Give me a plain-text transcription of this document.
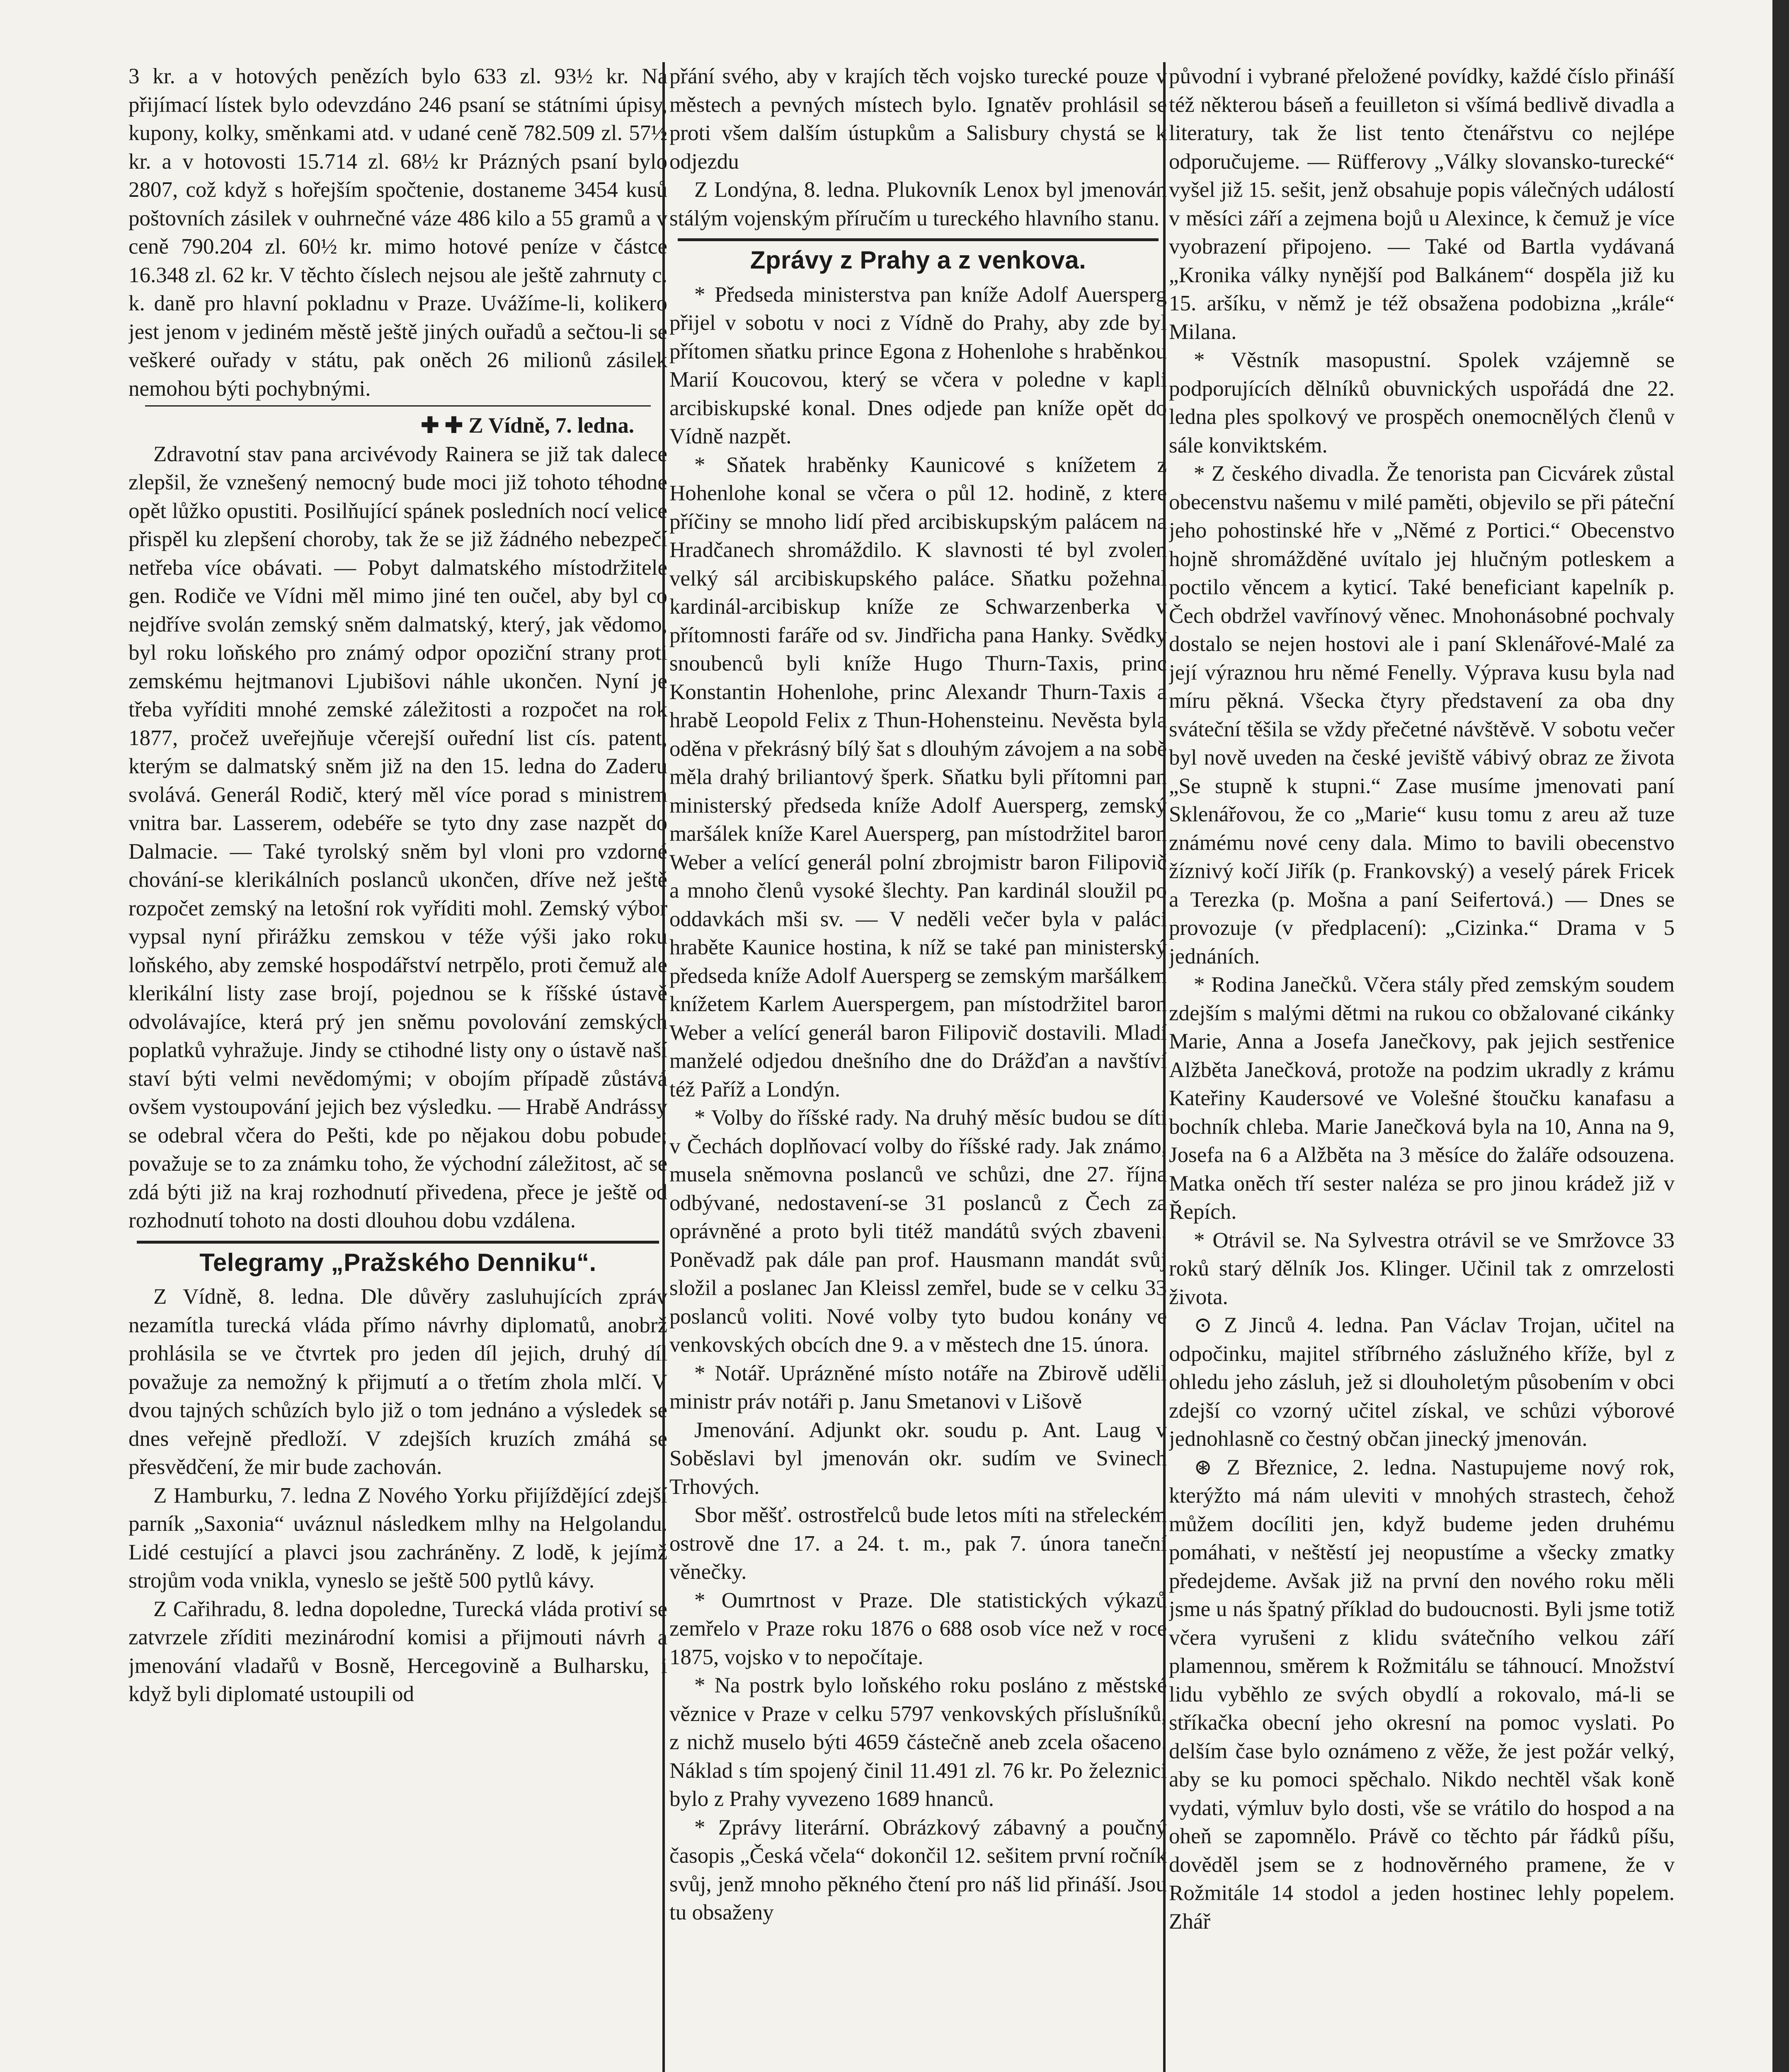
3 kr. a v hotových penězích bylo 633 zl. 93½ kr. Na přijímací lístek bylo odevzdáno 246 psaní se státními úpisy, kupony, kolky, směnkami atd. v udané ceně 782.509 zl. 57½ kr. a v hotovosti 15.714 zl. 68½ kr Prázných psaní bylo 2807, což když s hořejším spočtenie, dostaneme 3454 kusů poštovních zásilek v ouhrnečné váze 486 kilo a 55 gramů a v ceně 790.204 zl. 60½ kr. mimo hotové peníze v částce 16.348 zl. 62 kr. V těchto číslech nejsou ale ještě zahrnuty c. k. daně pro hlavní pokladnu v Praze. Uvážíme-li, kolikero jest jenom v jediném městě ještě jiných ouřadů a sečtou-li se veškeré ouřady v státu, pak oněch 26 milionů zásilek nemohou býti pochybnými.

✚ ✚ Z Vídně, 7. ledna.

Zdravotní stav pana arcivévody Rainera se již tak dalece zlepšil, že vznešený nemocný bude moci již tohoto téhodne opět lůžko opustiti. Posilňující spánek posledních nocí velice přispěl ku zlepšení choroby, tak že se již žádného nebezpečí netřeba více obávati. — Pobyt dalmatského místodržitele gen. Rodiče ve Vídni měl mimo jiné ten oučel, aby byl co nejdříve svolán zemský sněm dalmatský, který, jak vědomo, byl roku loňského pro známý odpor opoziční strany proti zemskému hejtmanovi Ljubišovi náhle ukončen. Nyní je třeba vyříditi mnohé zemské záležitosti a rozpočet na rok 1877, pročež uveřejňuje včerejší ouřední list cís. patent, kterým se dalmatský sněm již na den 15. ledna do Zaderu svolává. Generál Rodič, který měl více porad s ministrem vnitra bar. Lasserem, odebéře se tyto dny zase nazpět do Dalmacie. — Také tyrolský sněm byl vloni pro vzdorné chování-se klerikálních poslanců ukončen, dříve než ještě rozpočet zemský na letošní rok vyříditi mohl. Zemský výbor vypsal nyní přirážku zemskou v téže výši jako roku loňského, aby zemské hospodářství netrpělo, proti čemuž ale klerikální listy zase brojí, pojednou se k říšské ústavě odvolávajíce, která prý jen sněmu povolování zemských poplatků vyhražuje. Jindy se ctihodné listy ony o ústavě naší staví býti velmi nevědomými; v obojím případě zůstává ovšem vystoupování jejich bez výsledku. — Hrabě Andrássy se odebral včera do Pešti, kde po nějakou dobu pobude; považuje se to za známku toho, že východní záležitost, ač se zdá býti již na kraj rozhodnutí přivedena, přece je ještě od rozhodnutí tohoto na dosti dlouhou dobu vzdálena.

Telegramy „Pražského Denniku“.

Z Vídně, 8. ledna. Dle důvěry zasluhujících zpráv nezamítla turecká vláda přímo návrhy diplomatů, anobrž prohlásila se ve čtvrtek pro jeden díl jejich, druhý díl považuje za nemožný k přijmutí a o třetím zhola mlčí. V dvou tajných schůzích bylo již o tom jednáno a výsledek se dnes veřejně předloží. V zdejších kruzích zmáhá se přesvědčení, že mir bude zachován.

Z Hamburku, 7. ledna Z Nového Yorku přijíždějící zdejší parník „Saxonia“ uváznul následkem mlhy na Helgolandu. Lidé cestující a plavci jsou zachráněny. Z lodě, k jejímž strojům voda vnikla, vyneslo se ještě 500 pytlů kávy.

Z Cařihradu, 8. ledna dopoledne, Turecká vláda protiví se zatvrzele zříditi mezinárodní komisi a přijmouti návrh a jmenování vladařů v Bosně, Hercegovině a Bulharsku, i když byli diplomaté ustoupili od

přání svého, aby v krajích těch vojsko turecké pouze v městech a pevných místech bylo. Ignatěv prohlásil se proti všem dalším ústupkům a Salisbury chystá se k odjezdu

Z Londýna, 8. ledna. Plukovník Lenox byl jmenován stálým vojenským příručím u tureckého hlavního stanu.

Zprávy z Prahy a z venkova.

* Předseda ministerstva pan kníže Adolf Auersperg přijel v sobotu v noci z Vídně do Prahy, aby zde byl přítomen sňatku prince Egona z Hohenlohe s hraběnkou Marií Koucovou, který se včera v poledne v kapli arcibiskupské konal. Dnes odjede pan kníže opět do Vídně nazpět.

* Sňatek hraběnky Kaunicové s knížetem z Hohenlohe konal se včera o půl 12. hodině, z ktere příčiny se mnoho lidí před arcibiskupským palácem na Hradčanech shromáždilo. K slavnosti té byl zvolen velký sál arcibiskupského paláce. Sňatku požehnal kardinál-arcibiskup kníže ze Schwarzenberka v přítomnosti faráře od sv. Jindřicha pana Hanky. Svědky snoubenců byli kníže Hugo Thurn-Taxis, princ Konstantin Hohenlohe, princ Alexandr Thurn-Taxis a hrabě Leopold Felix z Thun-Hohensteinu. Nevěsta byla oděna v překrásný bílý šat s dlouhým závojem a na sobě měla drahý briliantový šperk. Sňatku byli přítomni pan ministerský předseda kníže Adolf Auersperg, zemský maršálek kníže Karel Auersperg, pan místodržitel baron Weber a velící generál polní zbrojmistr baron Filipovič a mnoho členů vysoké šlechty. Pan kardinál sloužil po oddavkách mši sv. — V neděli večer byla v paláci hraběte Kaunice hostina, k níž se také pan ministerský předseda kníže Adolf Auersperg se zemským maršálkem knížetem Karlem Auerspergem, pan místodržitel baron Weber a velící generál baron Filipovič dostavili. Mladí manželé odjedou dnešního dne do Drážďan a navštíví též Paříž a Londýn.

* Volby do říšské rady. Na druhý měsíc budou se díti v Čechách doplňovací volby do říšské rady. Jak známo, musela sněmovna poslanců ve schůzi, dne 27. října odbývané, nedostavení-se 31 poslanců z Čech za oprávněné a proto byli titéž mandátů svých zbaveni. Poněvadž pak dále pan prof. Hausmann mandát svůj složil a poslanec Jan Kleissl zemřel, bude se v celku 33 poslanců voliti. Nové volby tyto budou konány ve venkovských obcích dne 9. a v městech dne 15. února.

* Notář. Uprázněné místo notáře na Zbirově udělil ministr práv notáři p. Janu Smetanovi v Lišově

Jmenování. Adjunkt okr. soudu p. Ant. Laug v Soběslavi byl jmenován okr. sudím ve Svinech Trhových.

Sbor měšť. ostrostřelců bude letos míti na střeleckém ostrově dne 17. a 24. t. m., pak 7. února taneční věnečky.

* Oumrtnost v Praze. Dle statistických výkazů zemřelo v Praze roku 1876 o 688 osob více než v roce 1875, vojsko v to nepočítaje.

* Na postrk bylo loňského roku posláno z městské věznice v Praze v celku 5797 venkovských příslušníků, z nichž muselo býti 4659 částečně aneb zcela ošaceno. Náklad s tím spojený činil 11.491 zl. 76 kr. Po železnici bylo z Prahy vyvezeno 1689 hnanců.

* Zprávy literární. Obrázkový zábavný a poučný časopis „Česká včela“ dokončil 12. sešitem první ročník svůj, jenž mnoho pěkného čtení pro náš lid přináší. Jsou tu obsaženy

původní i vybrané přeložené povídky, každé číslo přináší též některou báseň a feuilleton si všímá bedlivě divadla a literatury, tak že list tento čtenářstvu co nejlépe odporučujeme. — Rüfferovy „Války slovansko-turecké“ vyšel již 15. sešit, jenž obsahuje popis válečných událostí v měsíci září a zejmena bojů u Alexince, k čemuž je více vyobrazení připojeno. — Také od Bartla vydávaná „Kronika války nynější pod Balkánem“ dospěla již ku 15. aršíku, v němž je též obsažena podobizna „krále“ Milana.

* Věstník masopustní. Spolek vzájemně se podporujících dělníků obuvnických uspořádá dne 22. ledna ples spolkový ve prospěch onemocnělých členů v sále konviktském.

* Z českého divadla. Že tenorista pan Cicvárek zůstal obecenstvu našemu v milé paměti, objevilo se při páteční jeho pohostinské hře v „Němé z Portici.“ Obecenstvo hojně shromážděné uvítalo jej hlučným potleskem a poctilo věncem a kyticí. Také beneficiant kapelník p. Čech obdržel vavřínový věnec. Mnohonásobné pochvaly dostalo se nejen hostovi ale i paní Sklenářové-Malé za její výraznou hru němé Fenelly. Výprava kusu byla nad míru pěkná. Všecka čtyry představení za oba dny sváteční těšila se vždy přečetné návštěvě. V sobotu večer byl nově uveden na české jeviště vábivý obraz ze života „Se stupně k stupni.“ Zase musíme jmenovati paní Sklenářovou, že co „Marie“ kusu tomu z areu až tuze známému nové ceny dala. Mimo to bavili obecenstvo žíznivý kočí Jiřík (p. Frankovský) a veselý párek Fricek a Terezka (p. Mošna a paní Seifertová.) — Dnes se provozuje (v předplacení): „Cizinka.“ Drama v 5 jednáních.

* Rodina Janečků. Včera stály před zemským soudem zdejším s malými dětmi na rukou co obžalované cikánky Marie, Anna a Josefa Janečkovy, pak jejich sestřenice Alžběta Janečková, protože na podzim ukradly z krámu Kateřiny Kaudersové ve Volešné štoučku kanafasu a bochník chleba. Marie Janečková byla na 10, Anna na 9, Josefa na 6 a Alžběta na 3 měsíce do žaláře odsouzena. Matka oněch tří sester naléza se pro jinou krádež již v Řepích.

* Otrávil se. Na Sylvestra otrávil se ve Smržovce 33 roků starý dělník Jos. Klinger. Učinil tak z omrzelosti života.

⊙ Z Jinců 4. ledna. Pan Václav Trojan, učitel na odpočinku, majitel stříbrného záslužného kříže, byl z ohledu jeho zásluh, jež si dlouholetým působením v obci zdejší co vzorný učitel získal, ve schůzi výborové jednohlasně co čestný občan jinecký jmenován.

⊛ Z Březnice, 2. ledna. Nastupujeme nový rok, kterýžto má nám uleviti v mnohých strastech, čehož můžem docíliti jen, když budeme jeden druhému pomáhati, v neštěstí jej neopustíme a všecky zmatky předejdeme. Avšak již na první den nového roku měli jsme u nás špatný příklad do budoucnosti. Byli jsme totiž včera vyrušeni z klidu svátečního velkou září plamennou, směrem k Rožmitálu se táhnoucí. Množství lidu vyběhlo ze svých obydlí a rokovalo, má-li se stříkačka obecní jeho okresní na pomoc vyslati. Po delším čase bylo oznámeno z věže, že jest požár velký, aby se ku pomoci spěchalo. Nikdo nechtěl však koně vydati, výmluv bylo dosti, vše se vrátilo do hospod a na oheň se zapomnělo. Právě co těchto pár řádků píšu, dověděl jsem se z hodnověrného pramene, že v Rožmitále 14 stodol a jeden hostinec lehly popelem. Zhář
